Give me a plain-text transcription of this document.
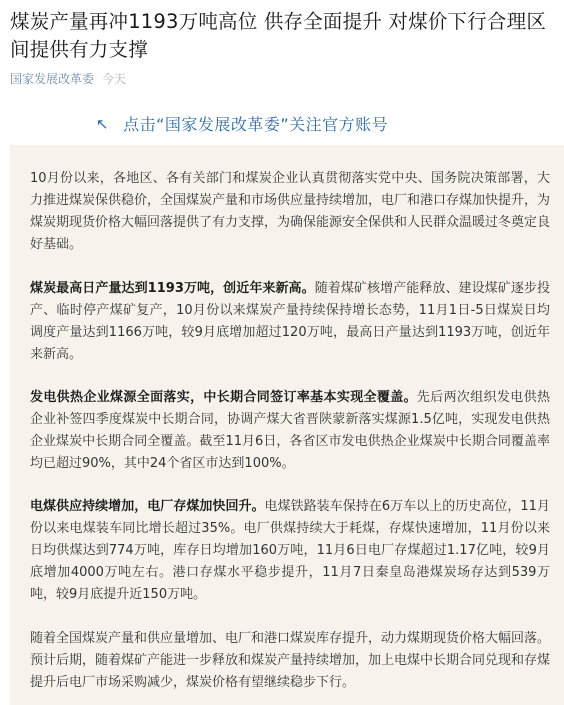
煤炭产量再冲1193万吨高位 供存全面提升 对煤价下行合理区间提供有力支撑
国家发展改革委 今天
↖ 点击“国家发展改革委”关注官方账号

10月份以来，各地区、各有关部门和煤炭企业认真贯彻落实党中央、国务院决策部署，大力推进煤炭保供稳价，全国煤炭产量和市场供应量持续增加，电厂和港口存煤加快提升，为煤炭期现货价格大幅回落提供了有力支撑，为确保能源安全保供和人民群众温暖过冬奠定良好基础。

煤炭最高日产量达到1193万吨，创近年来新高。随着煤矿核增产能释放、建设煤矿逐步投产、临时停产煤矿复产，10月份以来煤炭产量持续保持增长态势，11月1日-5日煤炭日均调度产量达到1166万吨，较9月底增加超过120万吨，最高日产量达到1193万吨，创近年来新高。

发电供热企业煤源全面落实，中长期合同签订率基本实现全覆盖。先后两次组织发电供热企业补签四季度煤炭中长期合同，协调产煤大省晋陕蒙新落实煤源1.5亿吨，实现发电供热企业煤炭中长期合同全覆盖。截至11月6日，各省区市发电供热企业煤炭中长期合同覆盖率均已超过90%，其中24个省区市达到100%。

电煤供应持续增加，电厂存煤加快回升。电煤铁路装车保持在6万车以上的历史高位，11月份以来电煤装车同比增长超过35%。电厂供煤持续大于耗煤，存煤快速增加，11月份以来日均供煤达到774万吨，库存日均增加160万吨，11月6日电厂存煤超过1.17亿吨，较9月底增加4000万吨左右。港口存煤水平稳步提升，11月7日秦皇岛港煤炭场存达到539万吨，较9月底提升近150万吨。

随着全国煤炭产量和供应量增加、电厂和港口煤炭库存提升，动力煤期现货价格大幅回落。预计后期，随着煤矿产能进一步释放和煤炭产量持续增加，加上电煤中长期合同兑现和存煤提升后电厂市场采购减少，煤炭价格有望继续稳步下行。
